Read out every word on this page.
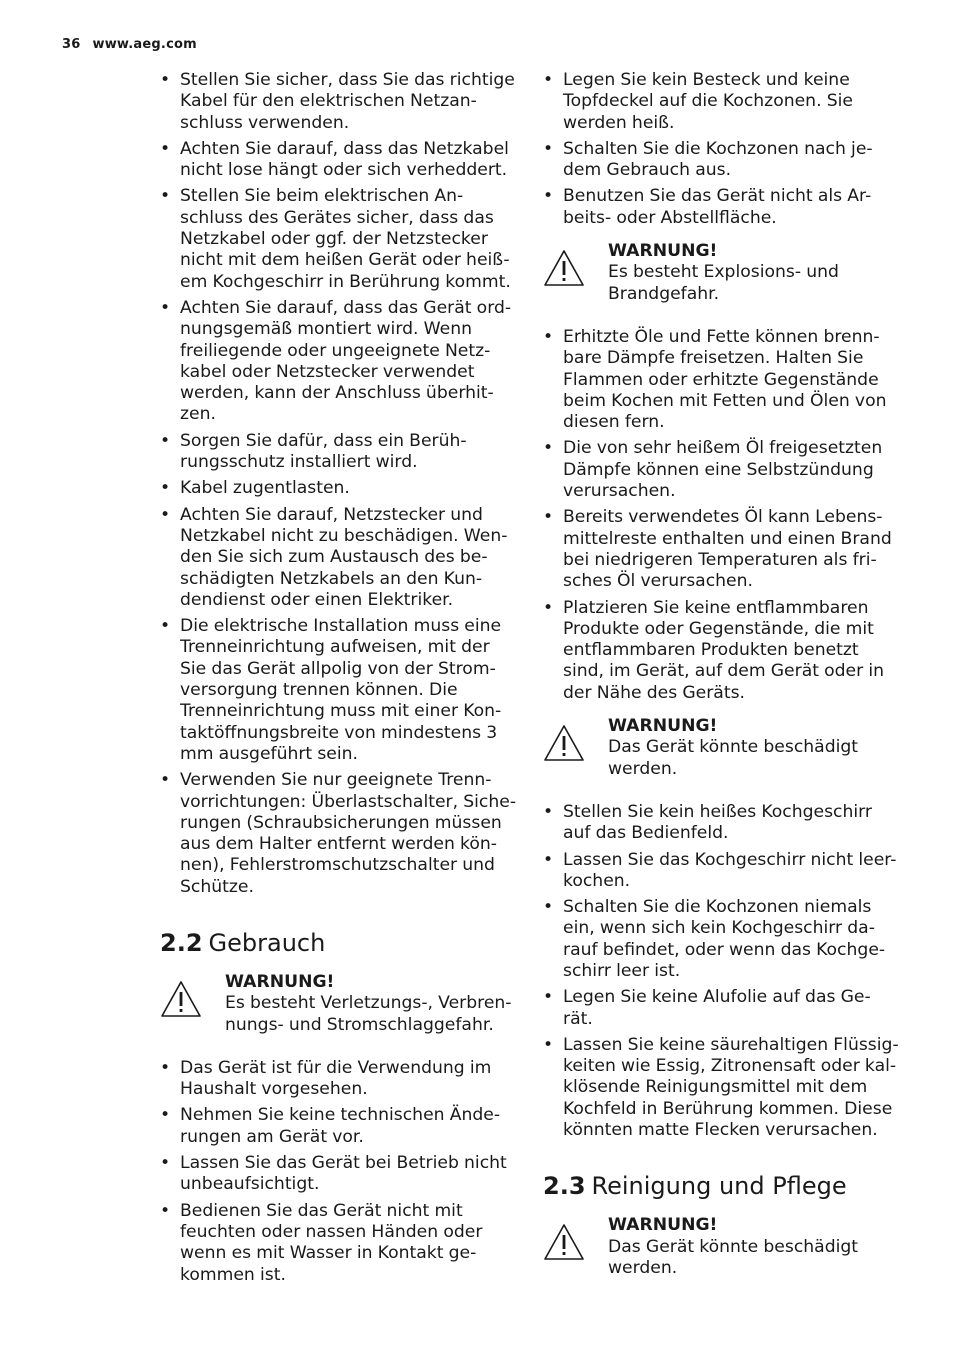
36 www.aeg.com
• Stellen Sie sicher, dass Sie das richtige
Kabel für den elektrischen Netzan-
schluss verwenden.
• Achten Sie darauf, dass das Netzkabel
nicht lose hängt oder sich verheddert.
• Stellen Sie beim elektrischen An-
schluss des Gerätes sicher, dass das
Netzkabel oder ggf. der Netzstecker
nicht mit dem heißen Gerät oder heiß-
em Kochgeschirr in Berührung kommt.
• Achten Sie darauf, dass das Gerät ord-
nungsgemäß montiert wird. Wenn
freiliegende oder ungeeignete Netz-
kabel oder Netzstecker verwendet
werden, kann der Anschluss überhit-
zen.
• Sorgen Sie dafür, dass ein Berüh-
rungsschutz installiert wird.
• Kabel zugentlasten.
• Achten Sie darauf, Netzstecker und
Netzkabel nicht zu beschädigen. Wen-
den Sie sich zum Austausch des be-
schädigten Netzkabels an den Kun-
dendienst oder einen Elektriker.
• Die elektrische Installation muss eine
Trenneinrichtung aufweisen, mit der
Sie das Gerät allpolig von der Strom-
versorgung trennen können. Die
Trenneinrichtung muss mit einer Kon-
taktöffnungsbreite von mindestens 3
mm ausgeführt sein.
• Verwenden Sie nur geeignete Trenn-
vorrichtungen: Überlastschalter, Siche-
rungen (Schraubsicherungen müssen
aus dem Halter entfernt werden kön-
nen), Fehlerstromschutzschalter und
Schütze.
2.2 Gebrauch
WARNUNG!
Es besteht Verletzungs-, Verbren-
nungs- und Stromschlaggefahr.
• Das Gerät ist für die Verwendung im
Haushalt vorgesehen.
• Nehmen Sie keine technischen Ände-
rungen am Gerät vor.
• Lassen Sie das Gerät bei Betrieb nicht
unbeaufsichtigt.
• Bedienen Sie das Gerät nicht mit
feuchten oder nassen Händen oder
wenn es mit Wasser in Kontakt ge-
kommen ist.
• Legen Sie kein Besteck und keine
Topfdeckel auf die Kochzonen. Sie
werden heiß.
• Schalten Sie die Kochzonen nach je-
dem Gebrauch aus.
• Benutzen Sie das Gerät nicht als Ar-
beits- oder Abstellfläche.
WARNUNG!
Es besteht Explosions- und
Brandgefahr.
• Erhitzte Öle und Fette können brenn-
bare Dämpfe freisetzen. Halten Sie
Flammen oder erhitzte Gegenstände
beim Kochen mit Fetten und Ölen von
diesen fern.
• Die von sehr heißem Öl freigesetzten
Dämpfe können eine Selbstzündung
verursachen.
• Bereits verwendetes Öl kann Lebens-
mittelreste enthalten und einen Brand
bei niedrigeren Temperaturen als fri-
sches Öl verursachen.
• Platzieren Sie keine entflammbaren
Produkte oder Gegenstände, die mit
entflammbaren Produkten benetzt
sind, im Gerät, auf dem Gerät oder in
der Nähe des Geräts.
WARNUNG!
Das Gerät könnte beschädigt
werden.
• Stellen Sie kein heißes Kochgeschirr
auf das Bedienfeld.
• Lassen Sie das Kochgeschirr nicht leer-
kochen.
• Schalten Sie die Kochzonen niemals
ein, wenn sich kein Kochgeschirr da-
rauf befindet, oder wenn das Kochge-
schirr leer ist.
• Legen Sie keine Alufolie auf das Ge-
rät.
• Lassen Sie keine säurehaltigen Flüssig-
keiten wie Essig, Zitronensaft oder kal-
klösende Reinigungsmittel mit dem
Kochfeld in Berührung kommen. Diese
könnten matte Flecken verursachen.
2.3 Reinigung und Pflege
WARNUNG!
Das Gerät könnte beschädigt
werden.
